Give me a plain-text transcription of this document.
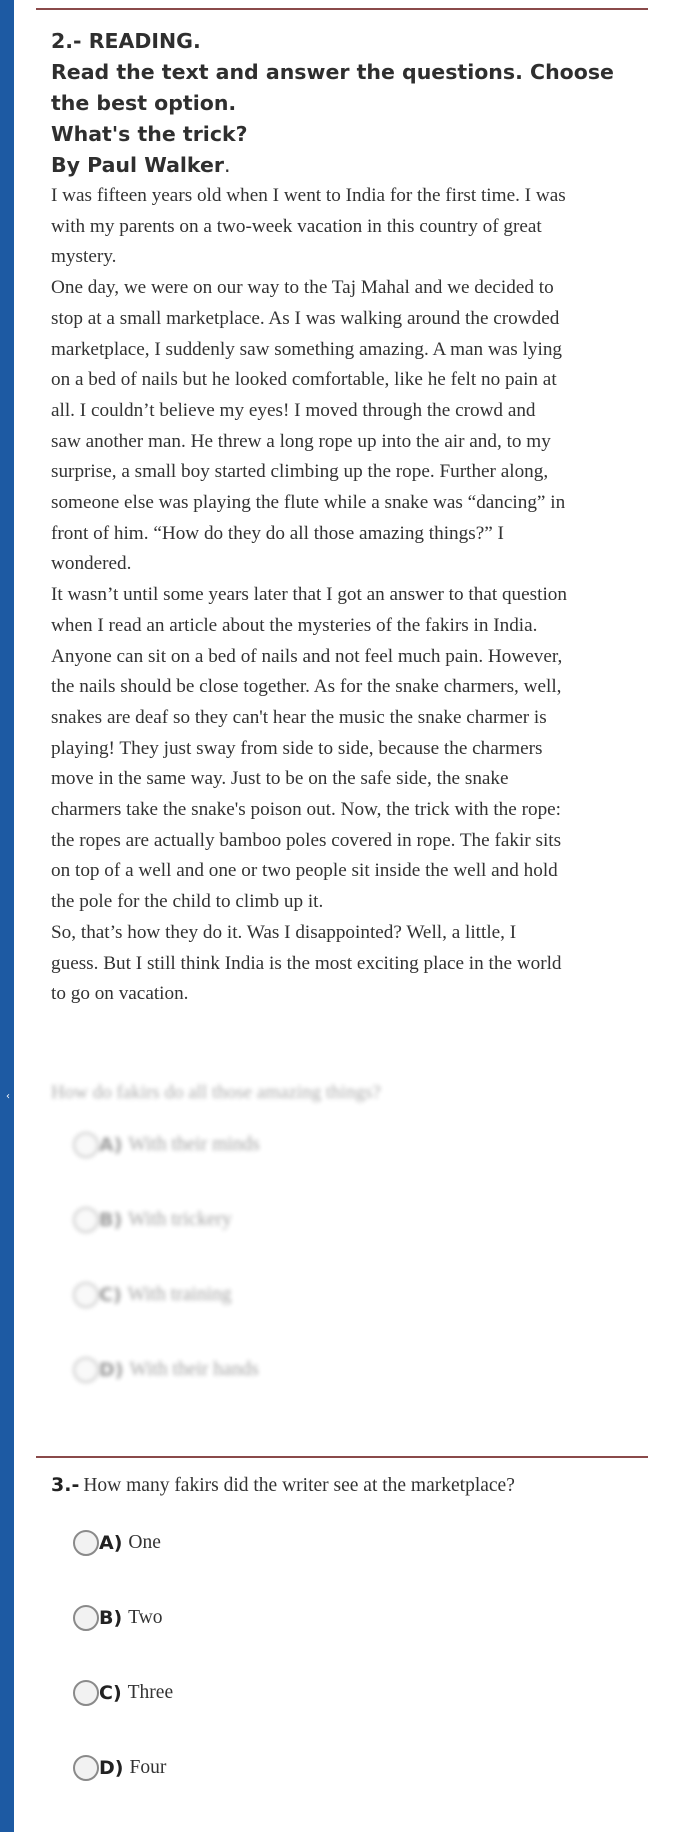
‹
2.- READING.
Read the text and answer the questions. Choose
the best option.
What's the trick?
By Paul Walker.

I was fifteen years old when I went to India for the first time. I was

with my parents on a two-week vacation in this country of great

mystery.

One day, we were on our way to the Taj Mahal and we decided to

stop at a small marketplace. As I was walking around the crowded

marketplace, I suddenly saw something amazing. A man was lying

on a bed of nails but he looked comfortable, like he felt no pain at

all. I couldn’t believe my eyes! I moved through the crowd and

saw another man. He threw a long rope up into the air and, to my

surprise, a small boy started climbing up the rope. Further along,

someone else was playing the flute while a snake was “dancing” in

front of him. “How do they do all those amazing things?” I

wondered.

It wasn’t until some years later that I got an answer to that question

when I read an article about the mysteries of the fakirs in India.

Anyone can sit on a bed of nails and not feel much pain. However,

the nails should be close together. As for the snake charmers, well,

snakes are deaf so they can't hear the music the snake charmer is

playing! They just sway from side to side, because the charmers

move in the same way. Just to be on the safe side, the snake

charmers take the snake's poison out. Now, the trick with the rope:

the ropes are actually bamboo poles covered in rope. The fakir sits

on top of a well and one or two people sit inside the well and hold

the pole for the child to climb up it.

So, that’s how they do it. Was I disappointed? Well, a little, I

guess. But I still think India is the most exciting place in the world

to go on vacation.

How do fakirs do all those amazing things?
A) With their minds
B) With trickery
C) With training
D) With their hands
3.- How many fakirs did the writer see at the marketplace?
A) One
B) Two
C) Three
D) Four
